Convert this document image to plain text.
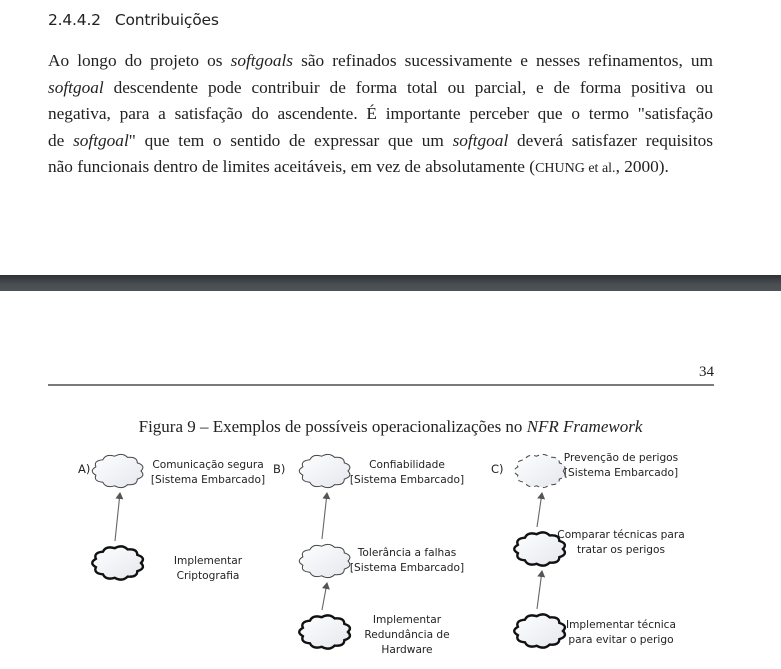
2.4.4.2 Contribuições
Ao longo do projeto os softgoals são refinados sucessivamente e nesses refinamentos, um
softgoal descendente pode contribuir de forma total ou parcial, e de forma positiva ou
negativa, para a satisfação do ascendente. É importante perceber que o termo "satisfação
de softgoal" que tem o sentido de expressar que um softgoal deverá satisfazer requisitos
não funcionais dentro de limites aceitáveis, em vez de absolutamente (CHUNG et al., 2000).
34
Figura 9 – Exemplos de possíveis operacionalizações no NFR Framework
A)	Comunicação segura
[Sistema Embarcado]
Implementar
Criptografia
B)	Confiabilidade
[Sistema Embarcado]
Tolerância a falhas
[Sistema Embarcado]
Implementar
Redundância de
Hardware
C)
Prevenção de perigos
[Sistema Embarcado]
Comparar técnicas para
tratar os perigos
Implementar técnica
para evitar o perigo
